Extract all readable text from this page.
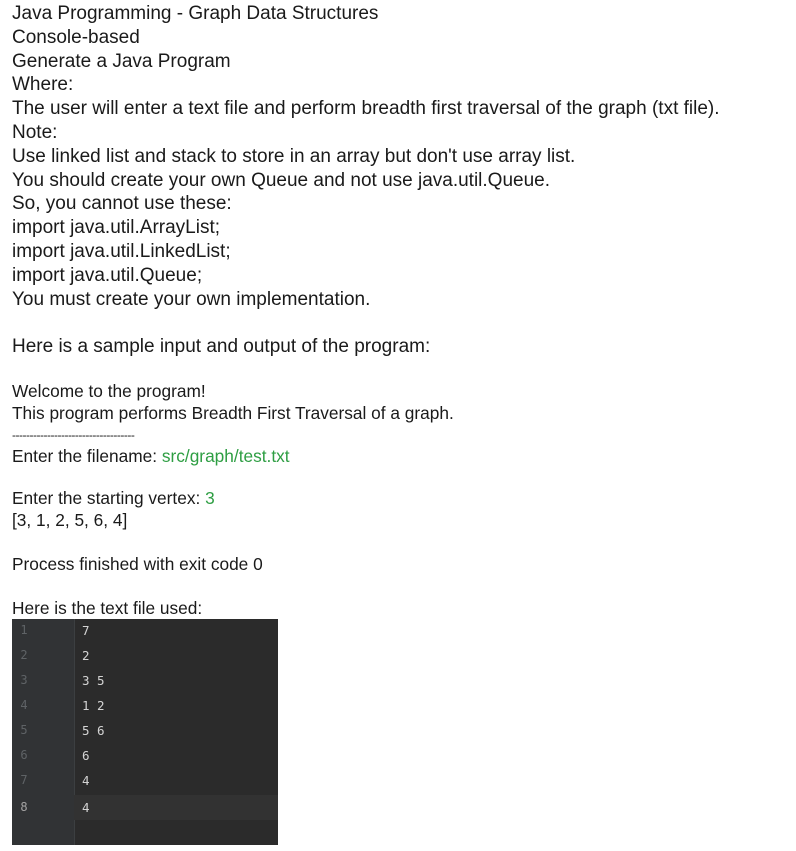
Java Programming - Graph Data Structures

Console-based

Generate a Java Program

Where:

The user will enter a text file and perform breadth first traversal of the graph (txt file).

Note:

Use linked list and stack to store in an array but don't use array list.

You should create your own Queue and not use java.util.Queue.

So, you cannot use these:

import java.util.ArrayList;

import java.util.LinkedList;

import java.util.Queue;

You must create your own implementation.

Here is a sample input and output of the program:

Welcome to the program!

This program performs Breadth First Traversal of a graph.

-----------------------------------

Enter the filename: src/graph/test.txt

Enter the starting vertex: 3

[3, 1, 2, 5, 6, 4]

Process finished with exit code 0

Here is the text file used:

1
2
3
4
5
6
7
8
7
2
3 5
1 2
5 6
6
4
4
